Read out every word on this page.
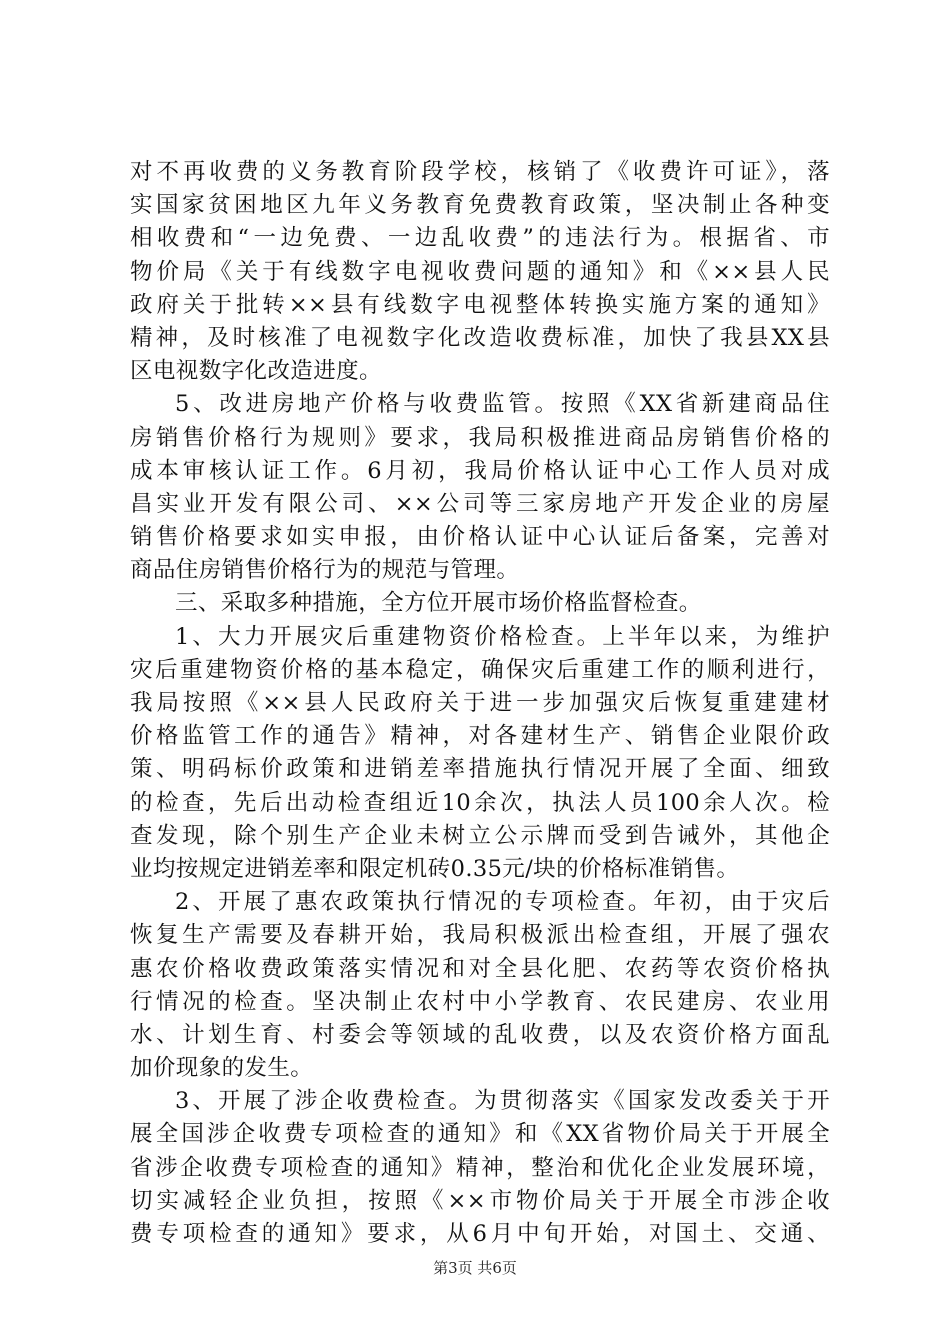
对不再收费的义务教育阶段学校，核销了《收费许可证》，落
实国家贫困地区九年义务教育免费教育政策，坚决制止各种变
相收费和“一边免费、一边乱收费”的违法行为。根据省、市
物价局《关于有线数字电视收费问题的通知》和《××县人民
政府关于批转××县有线数字电视整体转换实施方案的通知》
精神，及时核准了电视数字化改造收费标准，加快了我县XX县
区电视数字化改造进度。
5、改进房地产价格与收费监管。按照《XX省新建商品住
房销售价格行为规则》要求，我局积极推进商品房销售价格的
成本审核认证工作。6月初，我局价格认证中心工作人员对成
昌实业开发有限公司、××公司等三家房地产开发企业的房屋
销售价格要求如实申报，由价格认证中心认证后备案，完善对
商品住房销售价格行为的规范与管理。
三、采取多种措施，全方位开展市场价格监督检查。
1、大力开展灾后重建物资价格检查。上半年以来，为维护
灾后重建物资价格的基本稳定，确保灾后重建工作的顺利进行，
我局按照《××县人民政府关于进一步加强灾后恢复重建建材
价格监管工作的通告》精神，对各建材生产、销售企业限价政
策、明码标价政策和进销差率措施执行情况开展了全面、细致
的检查，先后出动检查组近10余次，执法人员100余人次。检
查发现，除个别生产企业未树立公示牌而受到告诫外，其他企
业均按规定进销差率和限定机砖0.35元/块的价格标准销售。
2、开展了惠农政策执行情况的专项检查。年初，由于灾后
恢复生产需要及春耕开始，我局积极派出检查组，开展了强农
惠农价格收费政策落实情况和对全县化肥、农药等农资价格执
行情况的检查。坚决制止农村中小学教育、农民建房、农业用
水、计划生育、村委会等领域的乱收费，以及农资价格方面乱
加价现象的发生。
3、开展了涉企收费检查。为贯彻落实《国家发改委关于开
展全国涉企收费专项检查的通知》和《XX省物价局关于开展全
省涉企收费专项检查的通知》精神，整治和优化企业发展环境，
切实减轻企业负担，按照《××市物价局关于开展全市涉企收
费专项检查的通知》要求，从6月中旬开始，对国土、交通、
第3页 共6页
